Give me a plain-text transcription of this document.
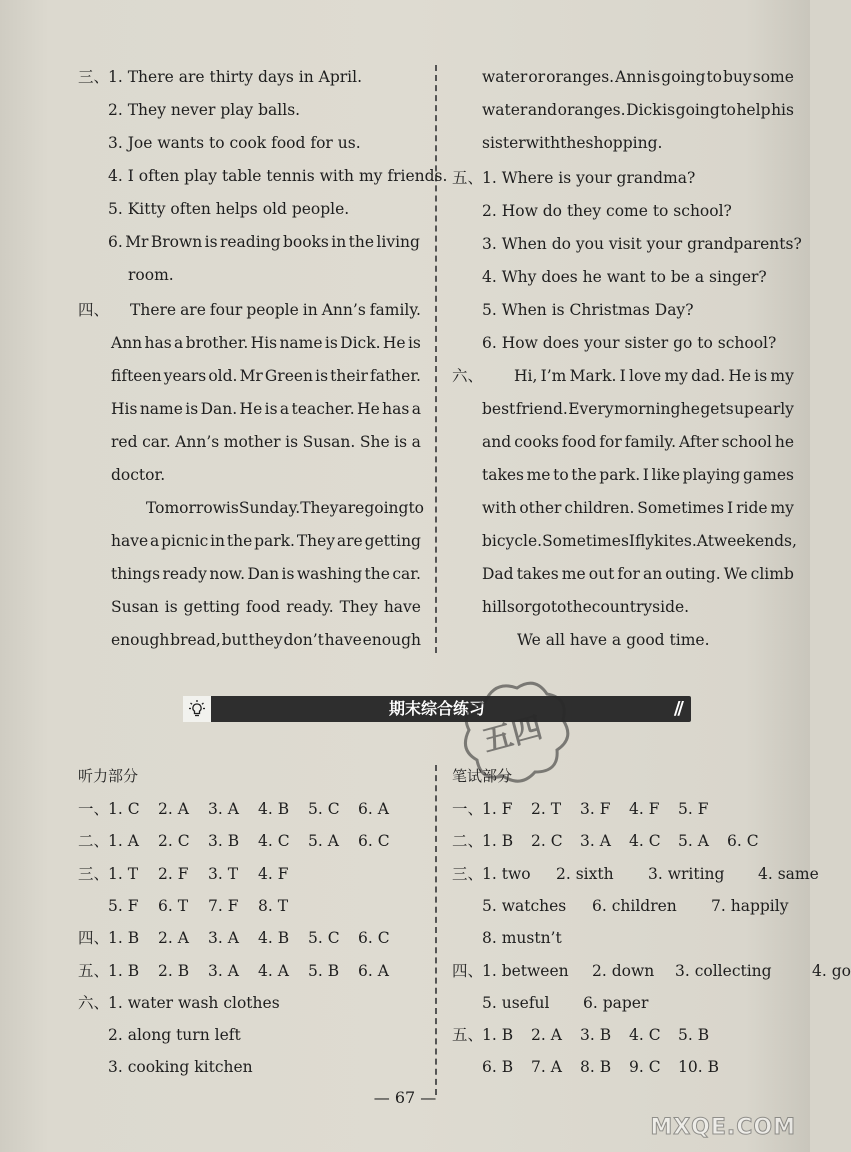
三、
1. There are thirty days in April.
2. They never play balls.
3. Joe wants to cook food for us.
4. I often play table tennis with my friends.
5. Kitty often helps old people.
6. Mr Brown is reading books in the living
room.
四、 There are four people in Ann’s family.
Ann has a brother. His name is Dick. He is
fifteen years old. Mr Green is their father.
His name is Dan. He is a teacher. He has a
red car. Ann’s mother is Susan. She is a
doctor.
Tomorrow is Sunday. They are going to
have a picnic in the park. They are getting
things ready now. Dan is washing the car.
Susan is getting food ready. They have
enough bread, but they don’t have enough
water or oranges. Ann is going to buy some
water and oranges. Dick is going to help his
sister with the shopping.
五、
1. Where is your grandma?
2. How do they come to school?
3. When do you visit your grandparents?
4. Why does he want to be a singer?
5. When is Christmas Day?
6. How does your sister go to school?
六、 Hi, I’m Mark. I love my dad. He is my
best friend. Every morning he gets up early
and cooks food for family. After school he
takes me to the park. I like playing games
with other children. Sometimes I ride my
bicycle. Sometimes I fly kites. At weekends,
Dad takes me out for an outing. We climb
hills or go to the countryside.
We all have a good time.
期末综合练习	//
听力部分
一、
1. C 2. A 3. A 4. B 5. C 6. A
二、
1. A 2. C 3. B 4. C 5. A 6. C
三、
1. T 2. F 3. T 4. F
5. F 6. T 7. F 8. T
四、
1. B 2. A 3. A 4. B 5. C 6. C
五、
1. B 2. B 3. A 4. A 5. B 6. A
六、
1. water wash clothes
2. along turn left
3. cooking kitchen
笔试部分
一、
1. F 2. T 3. F 4. F 5. F
二、
1. B 2. C 3. A 4. C 5. A 6. C
三、
1. two 2. sixth 3. writing 4. same
5. watches 6. children 7. happily
8. mustn’t
四、
1. between 2. down 3. collecting	4. go
5. useful 6. paper
五、
1. B 2. A 3. B 4. C 5. B
6. B 7. A 8. B 9. C 10. B
五四
— 67 —
MXQE.COM
